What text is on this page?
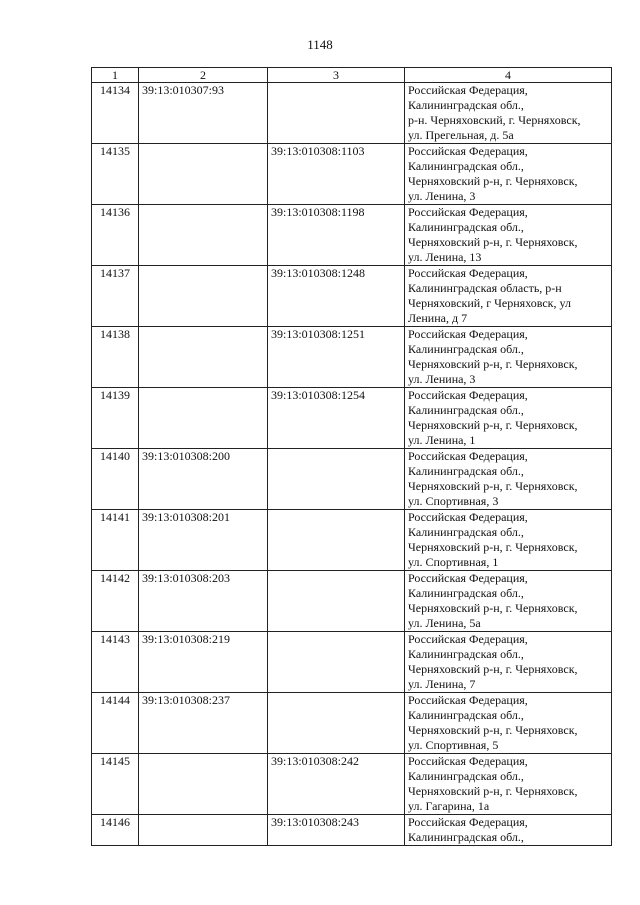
1148
1	2	3	4
14134	39:13:010307:93		Российская Федерация,
Калининградская обл.,
р-н. Черняховский, г. Черняховск,
ул. Прегельная, д. 5а

14135		39:13:010308:1103	Российская Федерация,
Калининградская обл.,
Черняховский р-н, г. Черняховск,
ул. Ленина, 3

14136		39:13:010308:1198	Российская Федерация,
Калининградская обл.,
Черняховский р-н, г. Черняховск,
ул. Ленина, 13

14137		39:13:010308:1248	Российская Федерация,
Калининградская область, р-н
Черняховский, г Черняховск, ул
Ленина, д 7

14138		39:13:010308:1251	Российская Федерация,
Калининградская обл.,
Черняховский р-н, г. Черняховск,
ул. Ленина, 3

14139		39:13:010308:1254	Российская Федерация,
Калининградская обл.,
Черняховский р-н, г. Черняховск,
ул. Ленина, 1

14140	39:13:010308:200		Российская Федерация,
Калининградская обл.,
Черняховский р-н, г. Черняховск,
ул. Спортивная, 3

14141	39:13:010308:201		Российская Федерация,
Калининградская обл.,
Черняховский р-н, г. Черняховск,
ул. Спортивная, 1

14142	39:13:010308:203		Российская Федерация,
Калининградская обл.,
Черняховский р-н, г. Черняховск,
ул. Ленина, 5а

14143	39:13:010308:219		Российская Федерация,
Калининградская обл.,
Черняховский р-н, г. Черняховск,
ул. Ленина, 7

14144	39:13:010308:237		Российская Федерация,
Калининградская обл.,
Черняховский р-н, г. Черняховск,
ул. Спортивная, 5

14145		39:13:010308:242	Российская Федерация,
Калининградская обл.,
Черняховский р-н, г. Черняховск,
ул. Гагарина, 1а

14146		39:13:010308:243	Российская Федерация,
Калининградская обл.,
